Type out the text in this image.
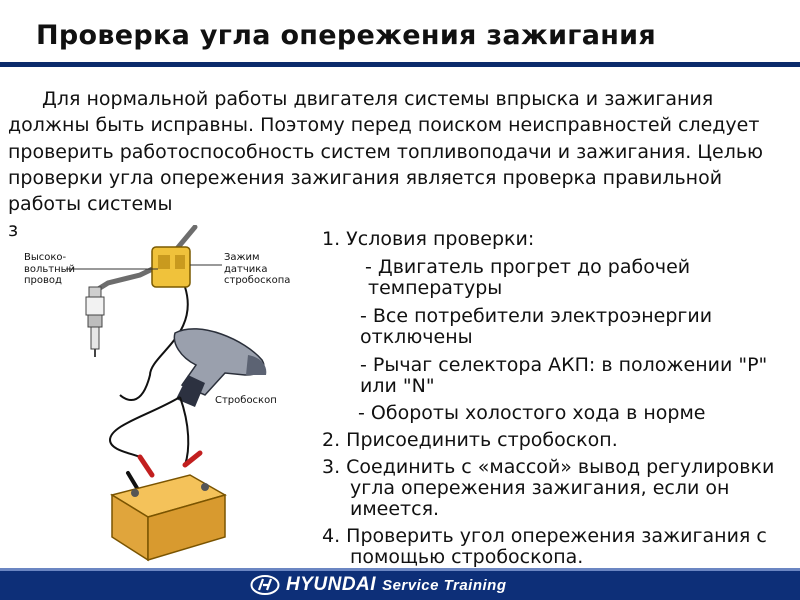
Проверка угла опережения зажигания

Для нормальной работы двигателя системы впрыска и зажигания должны быть исправны. Поэтому перед поиском неисправностей следует проверить работоспособность систем топливоподачи и зажигания. Целью проверки угла опережения зажигания является проверка правильной работы системы

з
Высоко-
вольтный
провод
Зажим
датчика
стробоскопа
Стробоскоп

1. Условия проверки:

- Двигатель прогрет до рабочей температуры

- Все потребители электроэнергии отключены

- Рычаг селектора АКП: в положении "P" или "N"

- Обороты холостого хода в норме

2. Присоединить стробоскоп.

3. Соединить с «массой» вывод регулировки угла опережения зажигания, если он имеется.

4. Проверить угол опережения зажигания с помощью стробоскопа.

HYUNDAI Service Training
